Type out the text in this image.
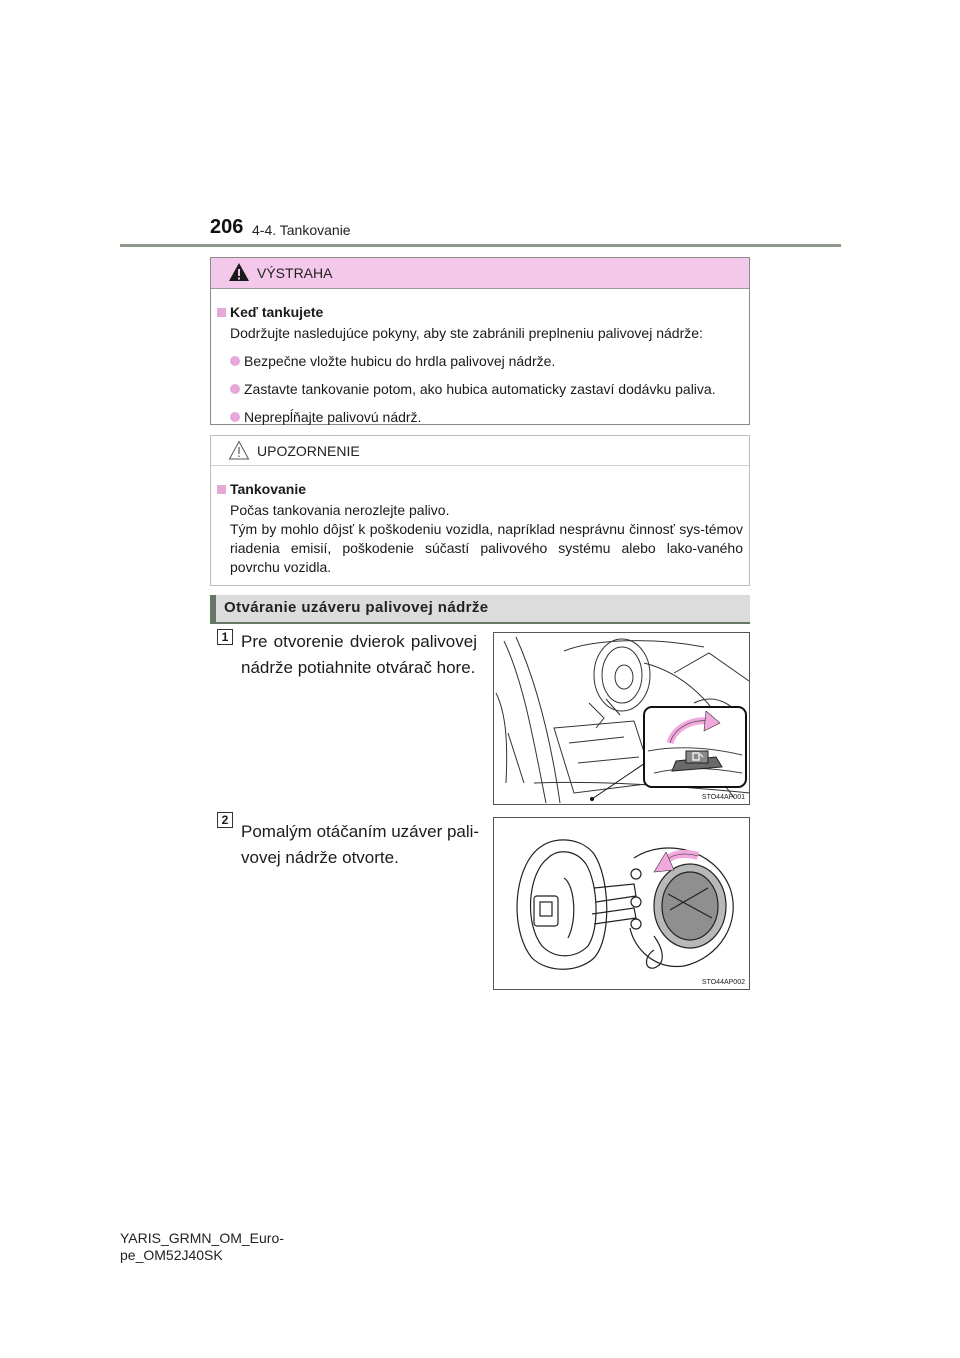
206 4-4. Tankovanie
VÝSTRAHA
Keď tankujete
Dodržujte nasledujúce pokyny, aby ste zabránili preplneniu palivovej nádrže:
Bezpečne vložte hubicu do hrdla palivovej nádrže.
Zastavte tankovanie potom, ako hubica automaticky zastaví dodávku paliva.
Neprepĺňajte palivovú nádrž.
UPOZORNENIE
Tankovanie
Počas tankovania nerozlejte palivo.
Tým by mohlo dôjsť k poškodeniu vozidla, napríklad nesprávnu činnosť sys-témov riadenia emisií, poškodenie súčastí palivového systému alebo lako-vaného povrchu vozidla.
Otváranie uzáveru palivovej nádrže
1 Pre otvorenie dvierok palivovej nádrže potiahnite otvárač hore.
STO44AP001
2
Pomalým otáčaním uzáver pali-vovej nádrže otvorte.
STO44AP002
YARIS_GRMN_OM_Euro-
pe_OM52J40SK
